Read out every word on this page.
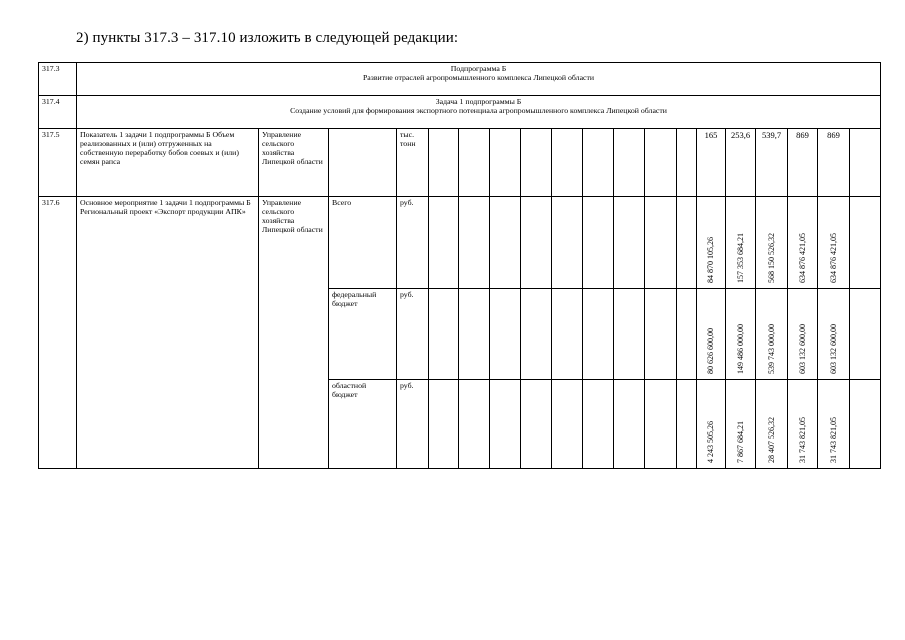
2) пункты 317.3 – 317.10 изложить в следующей редакции:
317.3	Подпрограмма Б
Развитие отраслей агропромышленного комплекса Липецкой области																		

317.4	Задача 1 подпрограммы Б
Создание условий для формирования экспортного потенциала агропромышленного комплекса Липецкой области																		

317.5	Показатель 1 задачи 1 подпрограммы Б Объем реализованных и (или) отгруженных на собственную переработку бобов соевых и (или) семян рапса	Управление сельского хозяйства Липецкой области		тыс. тонн										165	253,6	539,7	869	869	
317.6	Основное мероприятие 1 задачи 1 подпрограммы Б
Региональный проект «Экспорт продукции АПК»	Управление сельского хозяйства Липецкой области	Всего	руб.										84 870 105,26	157 353 684,21	568 150 526,32	634 876 421,05	634 876 421,05	
			федеральный бюджет	руб.										80 626 600,00	149 486 000,00	539 743 000,00	603 132 600,00	603 132 600,00	
			областной бюджет	руб.										4 243 505,26	7 867 684,21	28 407 526,32	31 743 821,05	31 743 821,05	
